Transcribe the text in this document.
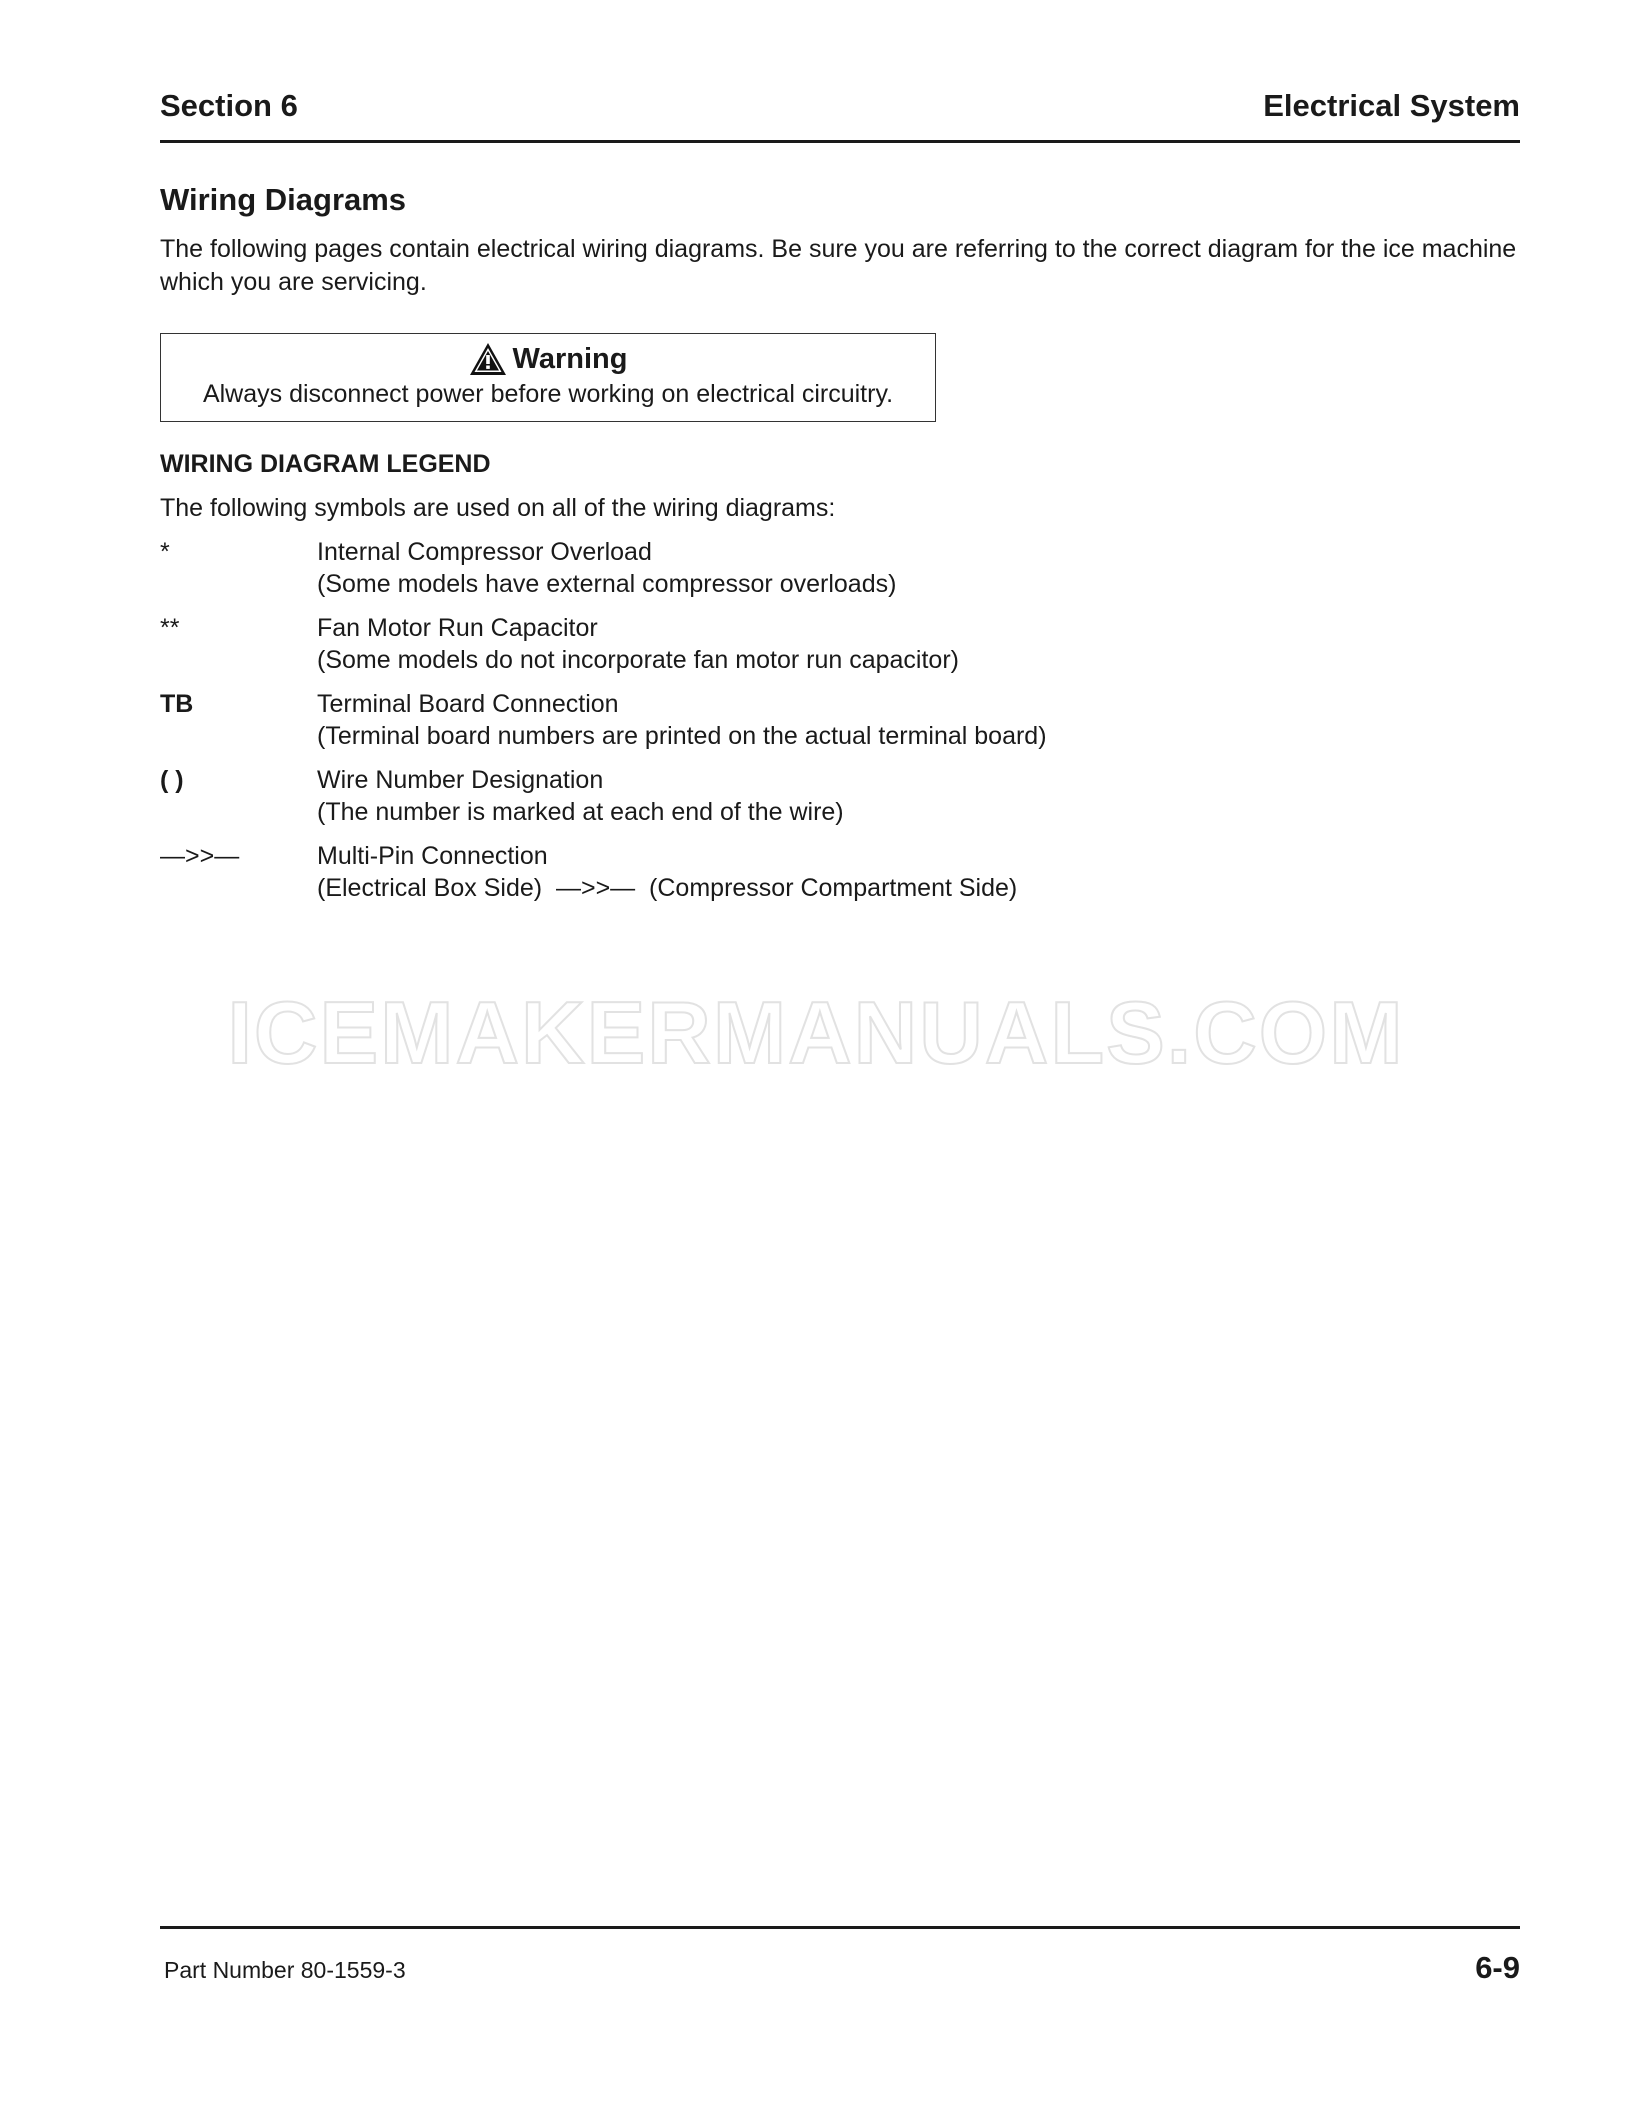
Section 6	Electrical System
Wiring Diagrams

The following pages contain electrical wiring diagrams. Be sure you are referring to the correct diagram for the ice machine which you are servicing.

Warning
Always disconnect power before working on electrical circuitry.
WIRING DIAGRAM LEGEND

The following symbols are used on all of the wiring diagrams:

*	Internal Compressor Overload
(Some models have external compressor overloads)
**	Fan Motor Run Capacitor
(Some models do not incorporate fan motor run capacitor)
TB	Terminal Board Connection
(Terminal board numbers are printed on the actual terminal board)
( )	Wire Number Designation
(The number is marked at each end of the wire)
—>>—	Multi-Pin Connection
(Electrical Box Side)  —>>—  (Compressor Compartment Side)
ICEMAKERMANUALS.COM
Part Number 80-1559-3	6-9
